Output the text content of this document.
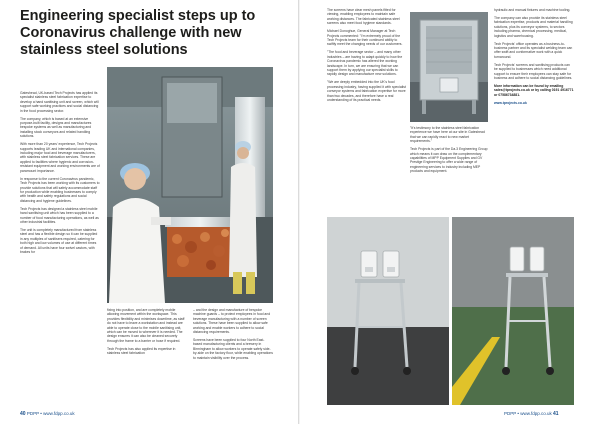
Engineering specialist steps up to Coronavirus challenge with new stainless steel solutions

Gateshead, UK-based Tech Projects has applied its specialist stainless steel fabrication expertise to develop a hand sanitising unit and screen, which will support safe working practices and social distancing in the food processing sector.

The company, which is based at an extensive purpose-built facility, designs and manufactures bespoke systems as well as manufacturing and installing stock conveyors and related handling solutions.

With more than 20 years' experience, Tech Projects supports leading UK and international companies, including major food and beverage manufacturers, with stainless steel fabrication services. These are applied to facilities where hygienic and corrosion-resistant equipment and working environments are of paramount importance.

In response to the current Coronavirus pandemic, Tech Projects has been working with its customers to provide solutions that will safely accommodate staff for production while enabling businesses to comply with health and safety regulations and social distancing and hygiene guidelines.

Tech Projects has designed a stainless steel mobile hand sanitising unit which has been supplied to a number of food manufacturing operations, as well as other industrial facilities.

The unit is completely manufactured from stainless steel and has a flexible design so it can be supplied in any multiples of sanitisers required, catering for both high and low volumes of use at different times of demand. All units have four swivel castors, with brakes for

fixing into position, and are completely mobile allowing movement within the workspace. This provides flexibility and minimises downtime, as staff do not have to leave a workstation and instead are able to operate close to the mobile sanitising unit, which can be moved to wherever it is needed. The design ensures it can also be cleaned securely through the frame to a barrier or hose if required.

Tech Projects has also applied its expertise in stainless steel fabrication

– and the design and manufacture of bespoke machine guards – to protect employees in food and beverage manufacturing with a number of screen solutions. These have been supplied to allow safe working and enable workers to adhere to social distancing requirements.

Screens have been supplied to four North East-based manufacturing clients and a brewery in Birmingham to allow workers to operate safely side-by-side on the factory floor, while enabling operations to maintain visibility over the process.

40 PDPP • www.fdpp.co.uk

The screens have clear mesh panels fitted for viewing, enabling employees to maintain safe working distances. The fabricated stainless steel screens also meet food hygiene standards.

Michael Donoghue, General Manager at Tech Projects commented: "I'm extremely proud of the Tech Projects team for their continued ability to swiftly meet the changing needs of our customers.

"The food and beverage sector – and many other industries – are having to adapt quickly to how the Coronavirus pandemic has altered the working landscape. In turn, we are ensuring that we can support them by applying our specialist skills to rapidly design and manufacture new solutions.

"We are deeply embedded into the UK's food processing industry, having supplied it with specialist conveyor systems and fabrication expertise for more than two decades, and therefore have a real understanding of its practical needs.

"It's testimony to the stainless steel fabrication experience we have here at our site in Gateshead that we can rapidly react to new market requirements."

Tech Projects is part of the Da.3 Engineering Group which means it can draw on the complementary capabilities of MPP Equipment Supplies and GV Prestige Engineering to offer a wide range of engineering services to industry including MEP products and equipment.

hydraulic and manual fixtures and machine tooling.

The company can also provide its stainless steel fabrication expertise, products and material handling solutions, plus its conveyor systems, to sectors including pharma, chemical processing, medical, logistics and warehousing.

Tech Projects' office operates as a business-to-business partner and its specialist welding team can offer swift and conformative work with a quick turnaround.

Tech Projects' screens and sanitising products can be supplied to businesses which need additional support to ensure their employees can stay safe for business and adhere to social distancing guidelines.

More information can be found by emailing sales@tprojects.co.uk or by calling 0191 4916771 or 07586734881.

www.tprojects.co.uk

PDPP • www.fdpp.co.uk 41
